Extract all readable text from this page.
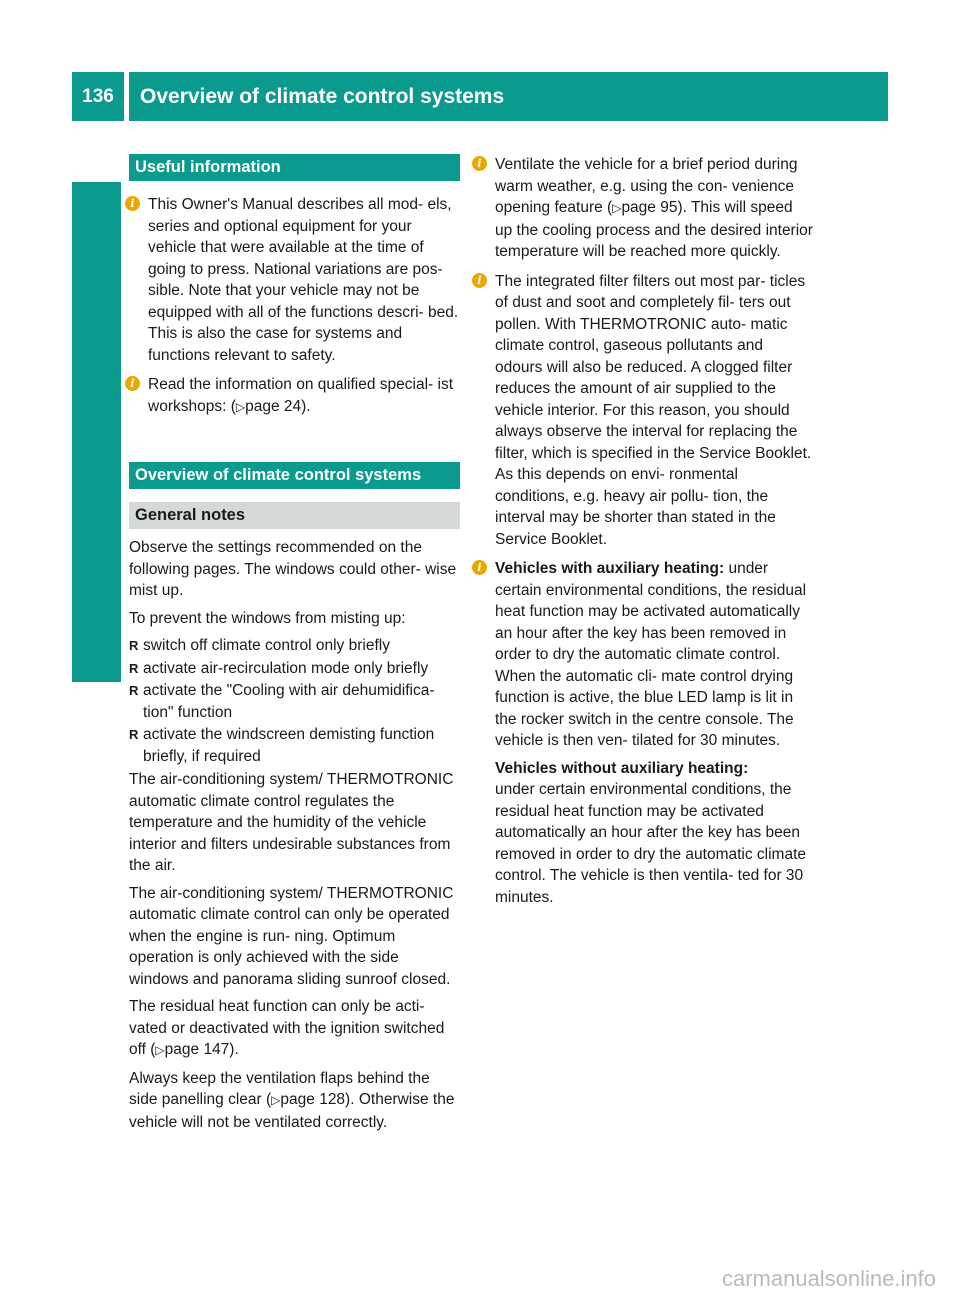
136	Overview of climate control systems
Climate control
Useful information
i This Owner's Manual describes all mod- els, series and optional equipment for your vehicle that were available at the time of going to press. National variations are pos- sible. Note that your vehicle may not be equipped with all of the functions descri- bed. This is also the case for systems and functions relevant to safety.
i Read the information on qualified special- ist workshops: (▷page 24).
Overview of climate control systems
General notes

Observe the settings recommended on the following pages. The windows could other- wise mist up.

To prevent the windows from misting up:

R switch off climate control only briefly
R activate air-recirculation mode only briefly
R activate the "Cooling with air dehumidifica- tion" function
R activate the windscreen demisting function briefly, if required

The air-conditioning system/ THERMOTRONIC automatic climate control regulates the temperature and the humidity of the vehicle interior and filters undesirable substances from the air.

The air-conditioning system/ THERMOTRONIC automatic climate control can only be operated when the engine is run- ning. Optimum operation is only achieved with the side windows and panorama sliding sunroof closed.

The residual heat function can only be acti- vated or deactivated with the ignition switched off (▷page 147).

Always keep the ventilation flaps behind the side panelling clear (▷page 128). Otherwise the vehicle will not be ventilated correctly.

i Ventilate the vehicle for a brief period during warm weather, e.g. using the con- venience opening feature (▷page 95). This will speed up the cooling process and the desired interior temperature will be reached more quickly.
i The integrated filter filters out most par- ticles of dust and soot and completely fil- ters out pollen. With THERMOTRONIC auto- matic climate control, gaseous pollutants and odours will also be reduced. A clogged filter reduces the amount of air supplied to the vehicle interior. For this reason, you should always observe the interval for replacing the filter, which is specified in the Service Booklet. As this depends on envi- ronmental conditions, e.g. heavy air pollu- tion, the interval may be shorter than stated in the Service Booklet.
i Vehicles with auxiliary heating: under certain environmental conditions, the residual heat function may be activated automatically an hour after the key has been removed in order to dry the automatic climate control. When the automatic cli- mate control drying function is active, the blue LED lamp is lit in the rocker switch in the centre console. The vehicle is then ven- tilated for 30 minutes.
Vehicles without auxiliary heating:
under certain environmental conditions, the residual heat function may be activated automatically an hour after the key has been removed in order to dry the automatic climate control. The vehicle is then ventila- ted for 30 minutes.
carmanualsonline.info
